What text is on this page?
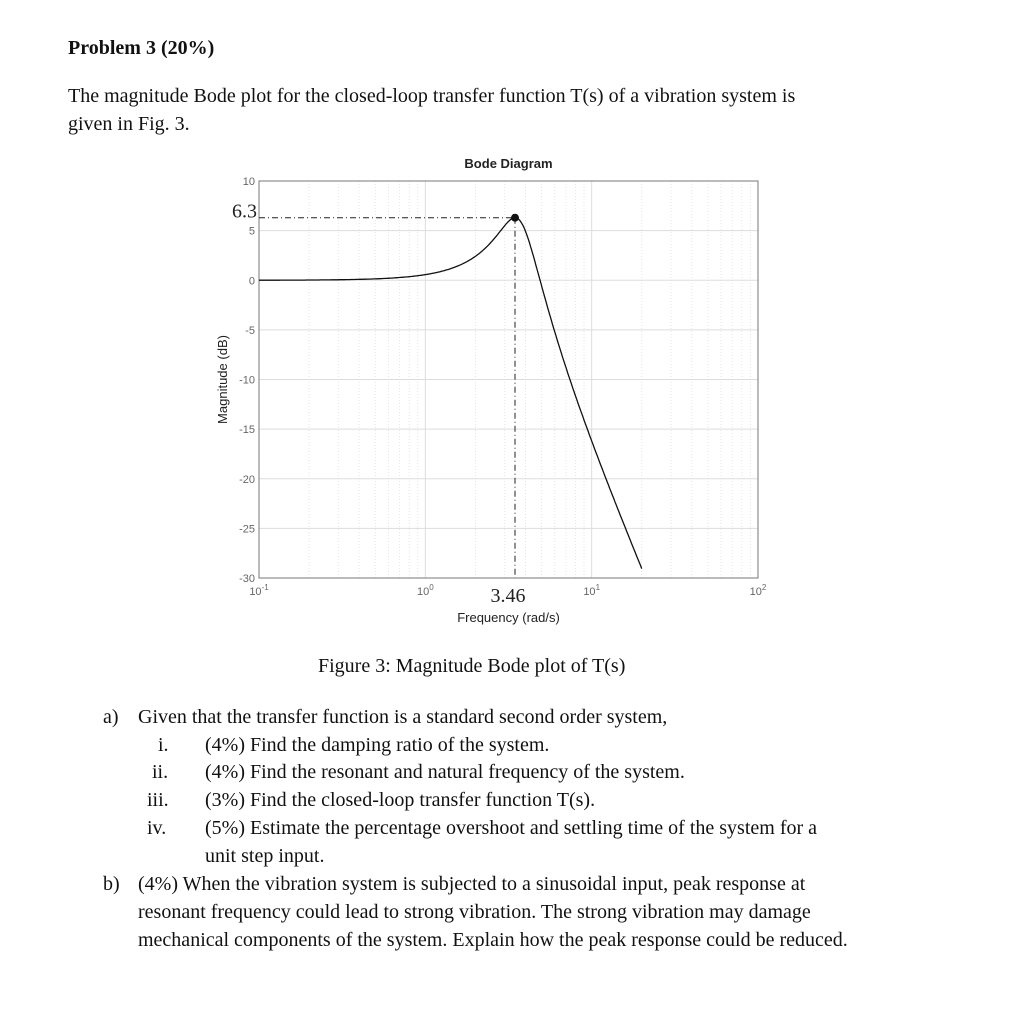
Problem 3 (20%)
The magnitude Bode plot for the closed-loop transfer function T(s) of a vibration system is
given in Fig. 3.
$10^{-1}$	$10^0$	$10^1$	$10^2$
10
5
0
-5
-10
-15
-20
-25
-30
Bode Diagram
Frequency (rad/s)
Magnitude (dB)
6.3
3.46
Figure 3: Magnitude Bode plot of T(s)
a) Given that the transfer function is a standard second order system,
i. (4%) Find the damping ratio of the system.
ii. (4%) Find the resonant and natural frequency of the system.
iii. (3%) Find the closed-loop transfer function T(s).
iv. (5%) Estimate the percentage overshoot and settling time of the system for a
unit step input.
b) (4%) When the vibration system is subjected to a sinusoidal input, peak response at
resonant frequency could lead to strong vibration. The strong vibration may damage
mechanical components of the system. Explain how the peak response could be reduced.
